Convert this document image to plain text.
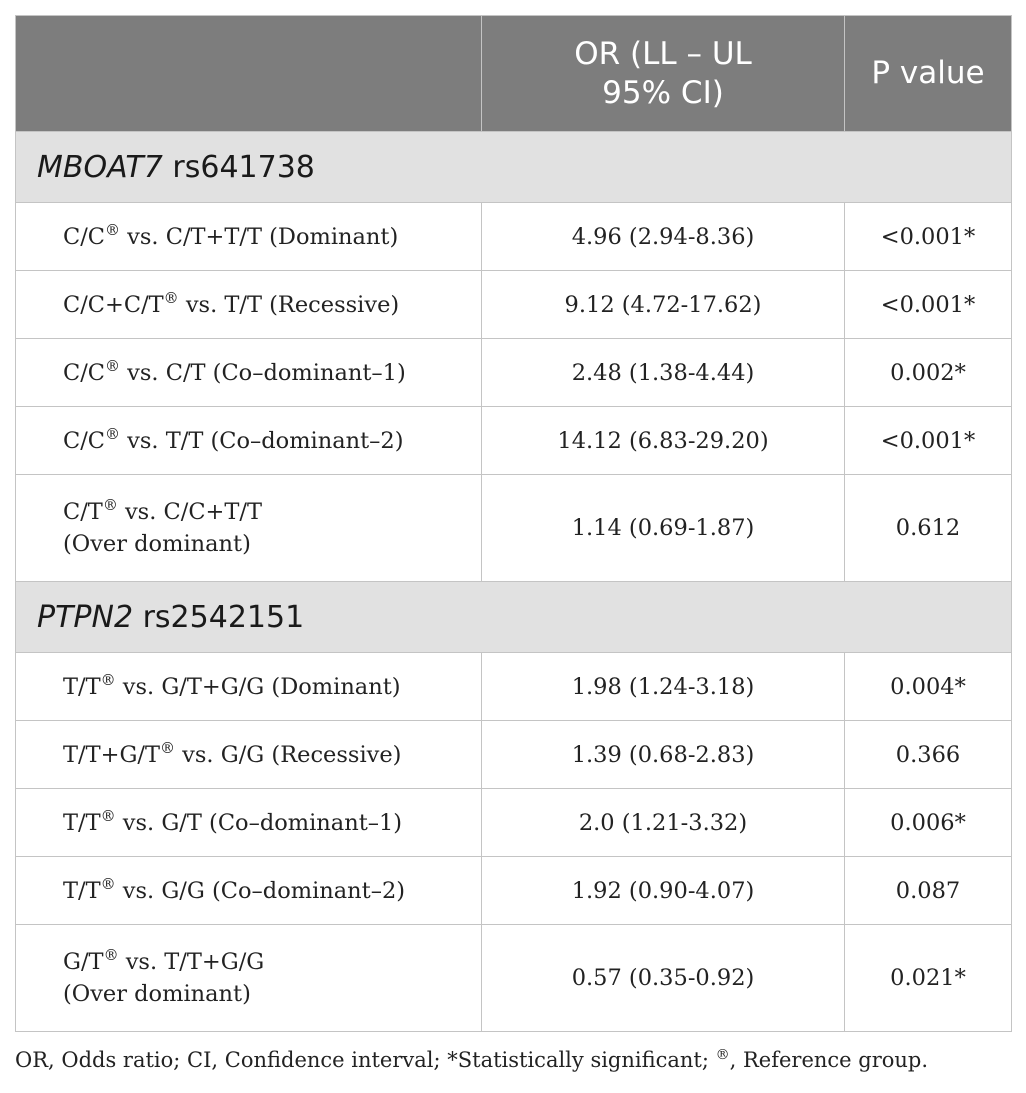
	OR (LL – UL 95% CI)	P value
MBOAT7 rs641738		
C/C® vs. C/T+T/T (Dominant)	4.96 (2.94-8.36)	<0.001*
C/C+C/T® vs. T/T (Recessive)	9.12 (4.72-17.62)	<0.001*
C/C® vs. C/T (Co–dominant–1)	2.48 (1.38-4.44)	0.002*
C/C® vs. T/T (Co–dominant–2)	14.12 (6.83-29.20)	<0.001*
C/T® vs. C/C+T/T
(Over dominant)	1.14 (0.69-1.87)	0.612
PTPN2 rs2542151		
T/T® vs. G/T+G/G (Dominant)	1.98 (1.24-3.18)	0.004*
T/T+G/T® vs. G/G (Recessive)	1.39 (0.68-2.83)	0.366
T/T® vs. G/T (Co–dominant–1)	2.0 (1.21-3.32)	0.006*
T/T® vs. G/G (Co–dominant–2)	1.92 (0.90-4.07)	0.087
G/T® vs. T/T+G/G
(Over dominant)	0.57 (0.35-0.92)	0.021*
OR, Odds ratio; CI, Confidence interval; *Statistically significant; ®, Reference group.
